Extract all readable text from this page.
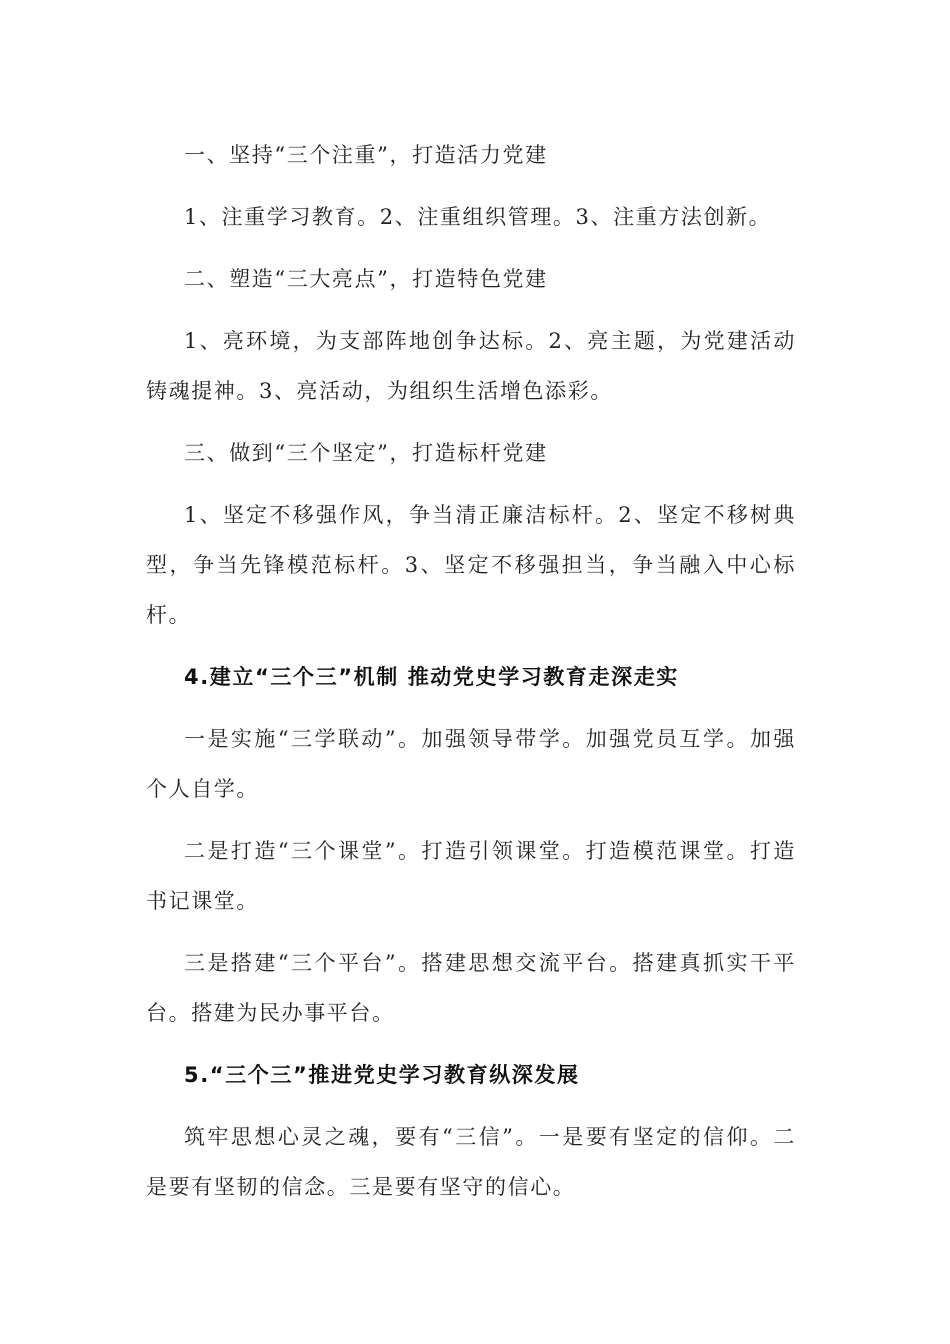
一、坚持“三个注重”，打造活力党建

1、注重学习教育。2、注重组织管理。3、注重方法创新。

二、塑造“三大亮点”，打造特色党建

1、亮环境，为支部阵地创争达标。2、亮主题，为党建活动铸魂提神。3、亮活动，为组织生活增色添彩。

三、做到“三个坚定”，打造标杆党建

1、坚定不移强作风，争当清正廉洁标杆。2、坚定不移树典型，争当先锋模范标杆。3、坚定不移强担当，争当融入中心标杆。

4.建立“三个三”机制 推动党史学习教育走深走实

一是实施“三学联动”。加强领导带学。加强党员互学。加强个人自学。

二是打造“三个课堂”。打造引领课堂。打造模范课堂。打造书记课堂。

三是搭建“三个平台”。搭建思想交流平台。搭建真抓实干平台。搭建为民办事平台。

5.“三个三”推进党史学习教育纵深发展

筑牢思想心灵之魂，要有“三信”。一是要有坚定的信仰。二是要有坚韧的信念。三是要有坚守的信心。
